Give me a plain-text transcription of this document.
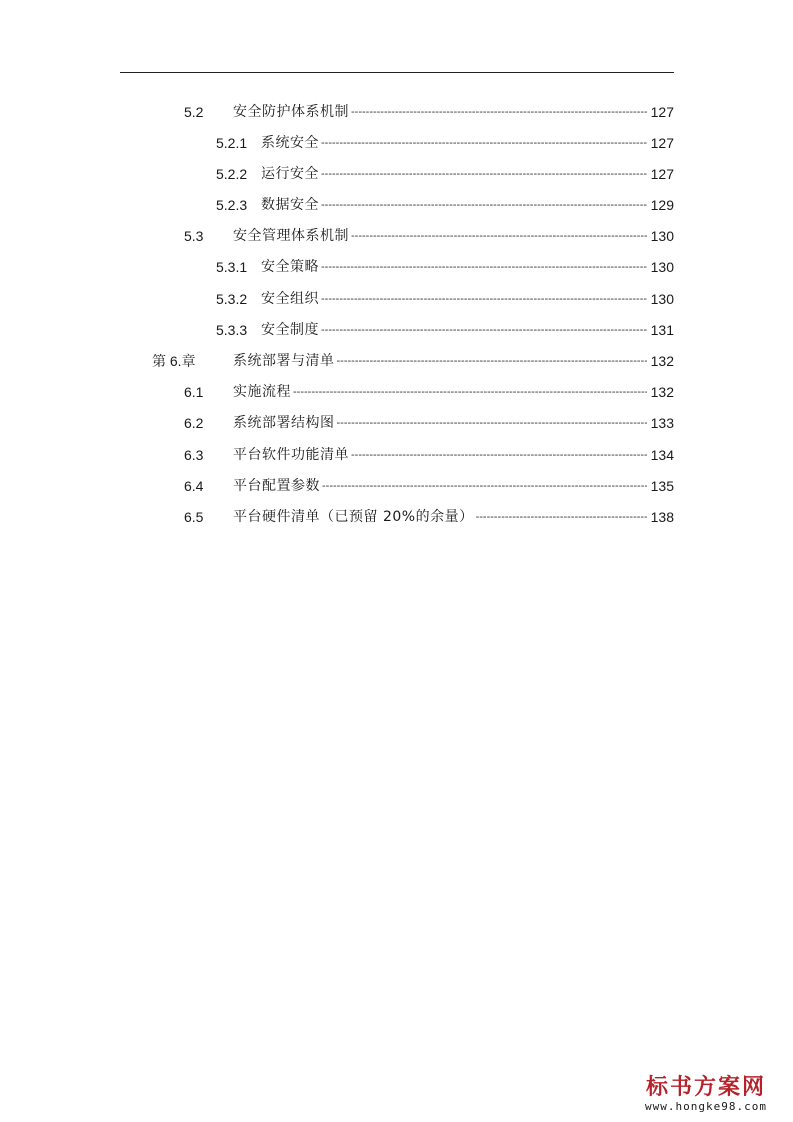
5.2	安全防护体系机制 -----	127
5.2.1 系统安全 -----	127
5.2.2 运行安全 -----	127
5.2.3 数据安全 -----	129
5.3	安全管理体系机制 -----	130
5.3.1 安全策略 -----	130
5.3.2 安全组织 -----	130
5.3.3 安全制度 -----	131
第 6.章	系统部署与清单 -----	132
6.1	实施流程 -----	132
6.2	系统部署结构图 -----	133
6.3	平台软件功能清单 -----	134
6.4	平台配置参数 -----	135
6.5	平台硬件清单（已预留 20%的余量） -----	138
标书方案网
www.hongke98.com
